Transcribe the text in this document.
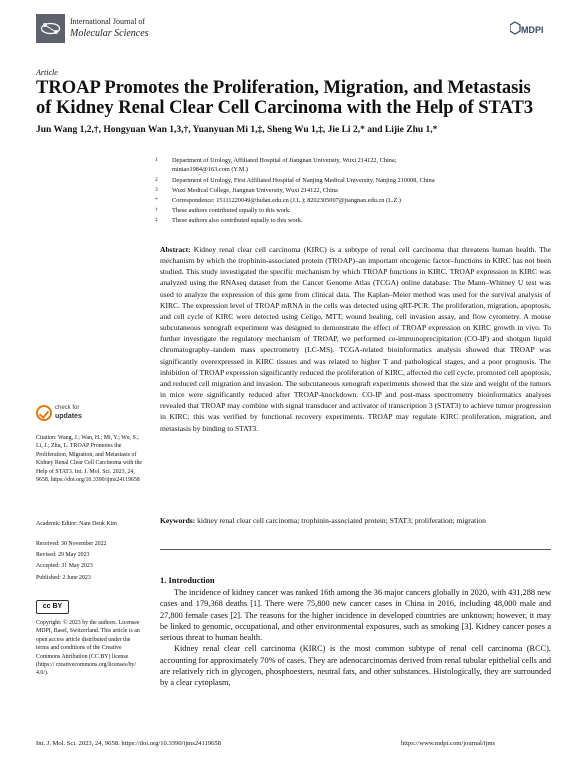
International Journal of
Molecular Sciences	MDPI
Article
TROAP Promotes the Proliferation, Migration, and Metastasis of Kidney Renal Clear Cell Carcinoma with the Help of STAT3
Jun Wang 1,2,†, Hongyuan Wan 1,3,†, Yuanyuan Mi 1,‡, Sheng Wu 1,‡, Jie Li 2,* and Lijie Zhu 1,*
1	Department of Urology, Affiliated Hospital of Jiangnan University, Wuxi 214122, China;
miniao1984@163.com (Y.M.)
2	Department of Urology, First Affiliated Hospital of Nanjing Medical University, Nanjing 210008, China
3	Wuxi Medical College, Jiangnan University, Wuxi 214122, China
*	Correspondence: 15111220049@fudan.edu.cn (J.L.); 8202305007@jiangnan.edu.cn (L.Z.)
†	These authors contributed equally to this work.
‡	These authors also contributed equally to this work.
Abstract: Kidney renal clear cell carcinoma (KIRC) is a subtype of renal cell carcinoma that threatens human health. The mechanism by which the trophinin-associated protein (TROAP)–an important oncogenic factor–functions in KIRC has not been studied. This study investigated the specific mechanism by which TROAP functions in KIRC. TROAP expression in KIRC was analyzed using the RNAseq dataset from the Cancer Genome Atlas (TCGA) online database. The Mann–Whitney U test was used to analyze the expression of this gene from clinical data. The Kaplan–Meier method was used for the survival analysis of KIRC. The expression level of TROAP mRNA in the cells was detected using qRT-PCR. The proliferation, migration, apoptosis, and cell cycle of KIRC were detected using Celigo, MTT, wound healing, cell invasion assay, and flow cytometry. A mouse subcutaneous xenograft experiment was designed to demonstrate the effect of TROAP expression on KIRC growth in vivo. To further investigate the regulatory mechanism of TROAP, we performed co-immunoprecipitation (CO-IP) and shotgun liquid chromatography–tandem mass spectrometry (LC-MS). TCGA-related bioinformatics analysis showed that TROAP was significantly overexpressed in KIRC tissues and was related to higher T and pathological stages, and a poor prognosis. The inhibition of TROAP expression significantly reduced the proliferation of KIRC, affected the cell cycle, promoted cell apoptosis, and reduced cell migration and invasion. The subcutaneous xenograft experiments showed that the size and weight of the tumors in mice were significantly reduced after TROAP-knockdown. CO-IP and post-mass spectrometry bioinformatics analyses revealed that TROAP may combine with signal transducer and activator of transcription 3 (STAT3) to achieve tumor progression in KIRC; this was verified by functional recovery experiments. TROAP may regulate KIRC proliferation, migration, and metastasis by binding to STAT3.
Keywords: kidney renal clear cell carcinoma; trophinin-associated protein; STAT3; proliferation; migration
1. Introduction
The incidence of kidney cancer was ranked 16th among the 36 major cancers globally in 2020, with 431,288 new cases and 179,368 deaths [1]. There were 75,800 new cancer cases in China in 2016, including 48,000 male and 27,800 female cases [2]. The reasons for the higher incidence in developed countries are unknown; however, it may be linked to genomic, occupational, and other environmental exposures, such as smoking [3]. Kidney cancer poses a serious threat to human health.
Kidney renal clear cell carcinoma (KIRC) is the most common subtype of renal cell carcinoma (RCC), accounting for approximately 70% of cases. They are adenocarcinomas derived from renal tubular epithelial cells and are relatively rich in glycogen, phosphoesters, neutral fats, and other substances. Histologically, they are surrounded by a clear cytoplasm,
check for
updates
Citation: Wang, J.; Wan, H.; Mi, Y.; Wu, S.; Li, J.; Zhu, L. TROAP Promotes the Proliferation, Migration, and Metastasis of Kidney Renal Clear Cell Carcinoma with the Help of STAT3. Int. J. Mol. Sci. 2023, 24, 9658. https://doi.org/10.3390/ijms24119658
Academic Editor: Nam Deuk Kim
Received: 30 November 2022
Revised: 29 May 2023
Accepted: 31 May 2023
Published: 2 June 2023
cc BY
Copyright: © 2023 by the authors. Licensee MDPI, Basel, Switzerland. This article is an open access article distributed under the terms and conditions of the Creative Commons Attribution (CC BY) license (https:// creativecommons.org/licenses/by/ 4.0/).
Int. J. Mol. Sci. 2023, 24, 9658. https://doi.org/10.3390/ijms24119658	https://www.mdpi.com/journal/ijms
